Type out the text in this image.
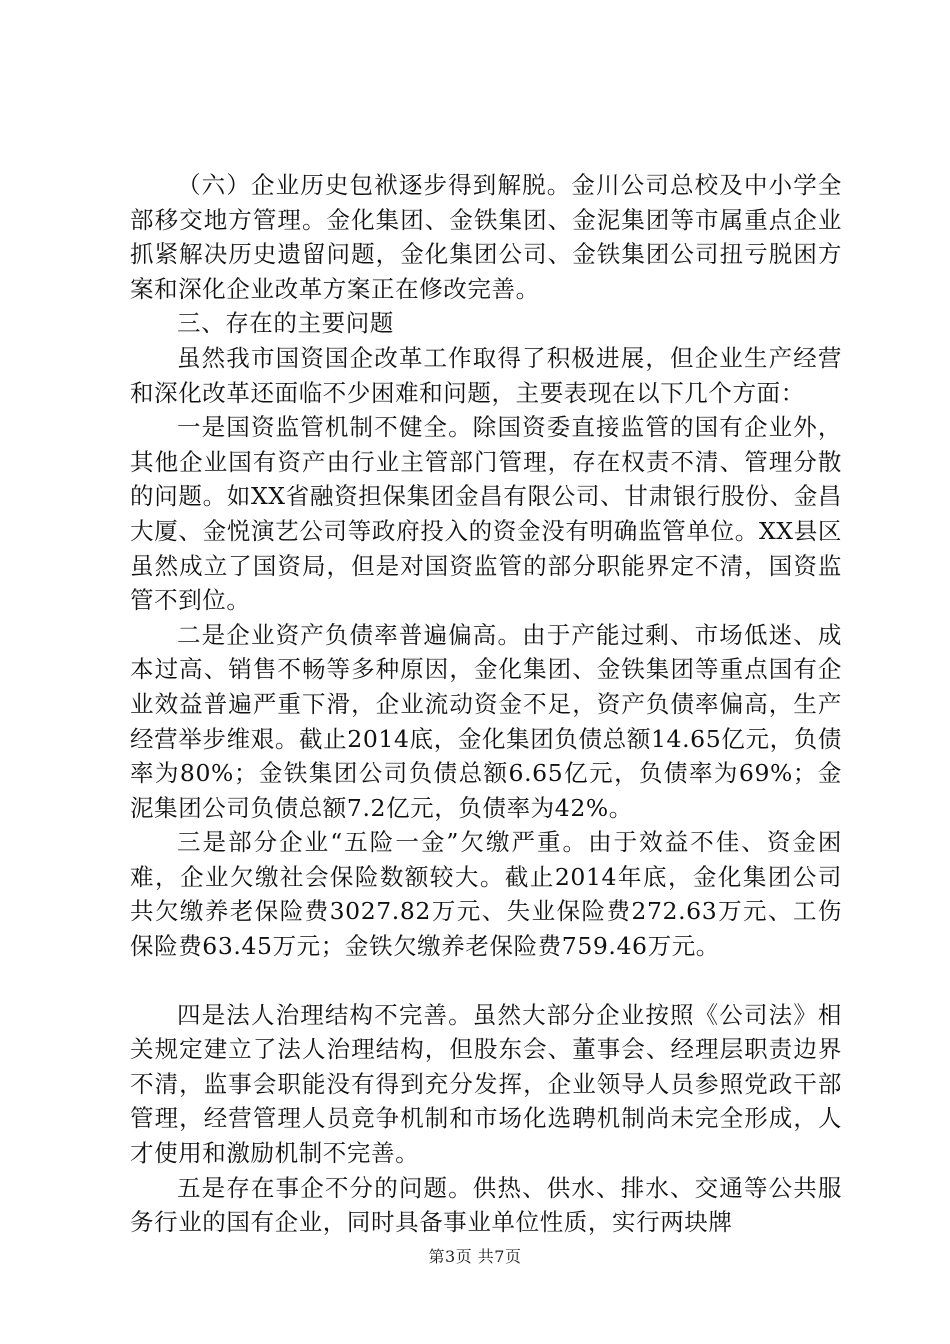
（六）企业历史包袱逐步得到解脱。金川公司总校及中小学全部移交地方管理。金化集团、金铁集团、金泥集团等市属重点企业抓紧解决历史遗留问题，金化集团公司、金铁集团公司扭亏脱困方案和深化企业改革方案正在修改完善。

三、存在的主要问题

虽然我市国资国企改革工作取得了积极进展，但企业生产经营和深化改革还面临不少困难和问题，主要表现在以下几个方面：

一是国资监管机制不健全。除国资委直接监管的国有企业外，其他企业国有资产由行业主管部门管理，存在权责不清、管理分散的问题。如XX省融资担保集团金昌有限公司、甘肃银行股份、金昌大厦、金悦演艺公司等政府投入的资金没有明确监管单位。XX县区虽然成立了国资局，但是对国资监管的部分职能界定不清，国资监管不到位。

二是企业资产负债率普遍偏高。由于产能过剩、市场低迷、成本过高、销售不畅等多种原因，金化集团、金铁集团等重点国有企业效益普遍严重下滑，企业流动资金不足，资产负债率偏高，生产经营举步维艰。截止2014底，金化集团负债总额14.65亿元，负债率为80%；金铁集团公司负债总额6.65亿元，负债率为69%；金泥集团公司负债总额7.2亿元，负债率为42%。

三是部分企业“五险一金”欠缴严重。由于效益不佳、资金困难，企业欠缴社会保险数额较大。截止2014年底，金化集团公司共欠缴养老保险费3027.82万元、失业保险费272.63万元、工伤保险费63.45万元；金铁欠缴养老保险费759.46万元。

四是法人治理结构不完善。虽然大部分企业按照《公司法》相关规定建立了法人治理结构，但股东会、董事会、经理层职责边界不清，监事会职能没有得到充分发挥，企业领导人员参照党政干部管理，经营管理人员竞争机制和市场化选聘机制尚未完全形成，人才使用和激励机制不完善。

五是存在事企不分的问题。供热、供水、排水、交通等公共服务行业的国有企业，同时具备事业单位性质，实行两块牌

第3页 共7页
